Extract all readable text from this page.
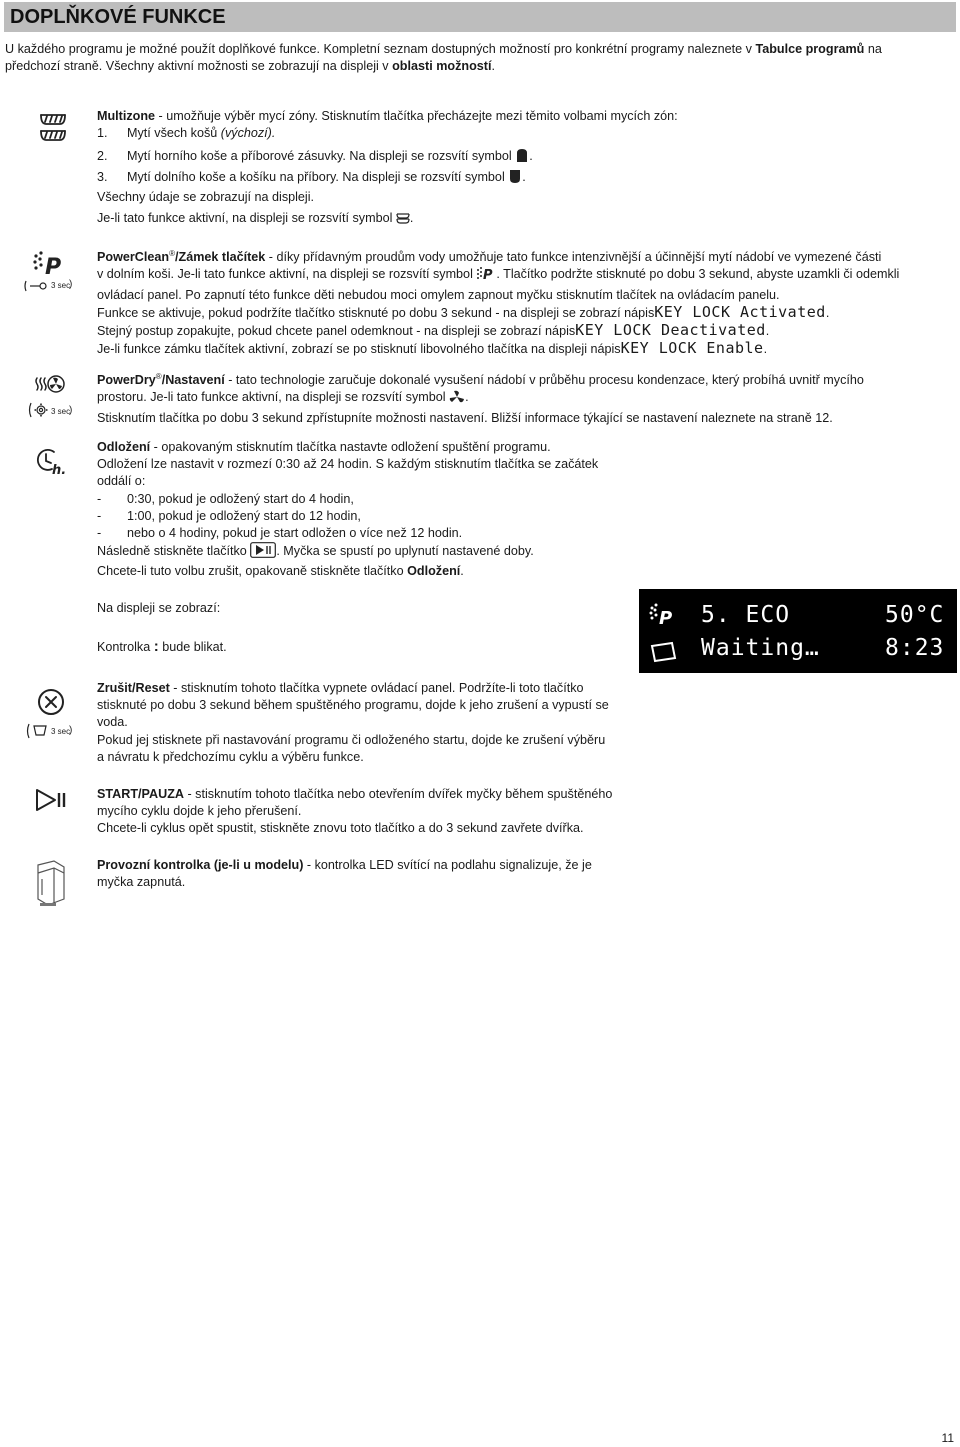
DOPLŇKOVÉ FUNKCE
U každého programu je možné použít doplňkové funkce. Kompletní seznam dostupných možností pro konkrétní programy naleznete v Tabulce programů na
předchozí straně. Všechny aktivní možnosti se zobrazují na displeji v oblasti možností.
Multizone - umožňuje výběr mycí zóny. Stisknutím tlačítka přecházejte mezi těmito volbami mycích zón:
1. Mytí všech košů (výchozí).
2. Mytí horního koše a příborové zásuvky. Na displeji se rozsvítí symbol .
3. Mytí dolního koše a košíku na příbory. Na displeji se rozsvítí symbol .
Všechny údaje se zobrazují na displeji.
Je-li tato funkce aktivní, na displeji se rozsvítí symbol .
P
3 sec
)
PowerClean®/Zámek tlačítek - díky přídavným proudům vody umožňuje tato funkce intenzivnější a účinnější mytí nádobí ve vymezené části
v dolním koši. Je-li tato funkce aktivní, na displeji se rozsvítí symbol P . Tlačítko podržte stisknuté po dobu 3 sekund, abyste uzamkli či odemkli
ovládací panel. Po zapnutí této funkce děti nebudou moci omylem zapnout myčku stisknutím tlačítek na ovládacím panelu.
Funkce se aktivuje, pokud podržíte tlačítko stisknuté po dobu 3 sekund - na displeji se zobrazí nápisKEY LOCK Activated.
Stejný postup zopakujte, pokud chcete panel odemknout - na displeji se zobrazí nápisKEY LOCK Deactivated.
Je-li funkce zámku tlačítek aktivní, zobrazí se po stisknutí libovolného tlačítka na displeji nápisKEY LOCK Enable.
3 sec
)
PowerDry®/Nastavení - tato technologie zaručuje dokonalé vysušení nádobí v průběhu procesu kondenzace, který probíhá uvnitř mycího
prostoru. Je-li tato funkce aktivní, na displeji se rozsvítí symbol .
Stisknutím tlačítka po dobu 3 sekund zpřístupníte možnosti nastavení. Bližší informace týkající se nastavení naleznete na straně 12.
h.
Odložení - opakovaným stisknutím tlačítka nastavte odložení spuštění programu.
Odložení lze nastavit v rozmezí 0:30 až 24 hodin. S každým stisknutím tlačítka se začátek
oddálí o:
- 0:30, pokud je odložený start do 4 hodin,
- 1:00, pokud je odložený start do 12 hodin,
- nebo o 4 hodiny, pokud je start odložen o více než 12 hodin.
Následně stiskněte tlačítko . Myčka se spustí po uplynutí nastavené doby.
Chcete-li tuto volbu zrušit, opakovaně stiskněte tlačítko Odložení.
Na displeji se zobrazí:
Kontrolka : bude blikat.
P 5. ECO	50°C
Waiting…	8:23
3 sec
)
Zrušit/Reset - stisknutím tohoto tlačítka vypnete ovládací panel. Podržíte-li toto tlačítko
stisknuté po dobu 3 sekund během spuštěného programu, dojde k jeho zrušení a vypustí se
voda.
Pokud jej stisknete při nastavování programu či odloženého startu, dojde ke zrušení výběru
a návratu k předchozímu cyklu a výběru funkce.
START/PAUZA - stisknutím tohoto tlačítka nebo otevřením dvířek myčky během spuštěného
mycího cyklu dojde k jeho přerušení.
Chcete-li cyklus opět spustit, stiskněte znovu toto tlačítko a do 3 sekund zavřete dvířka.
Provozní kontrolka (je-li u modelu) - kontrolka LED svítící na podlahu signalizuje, že je
myčka zapnutá.
11
